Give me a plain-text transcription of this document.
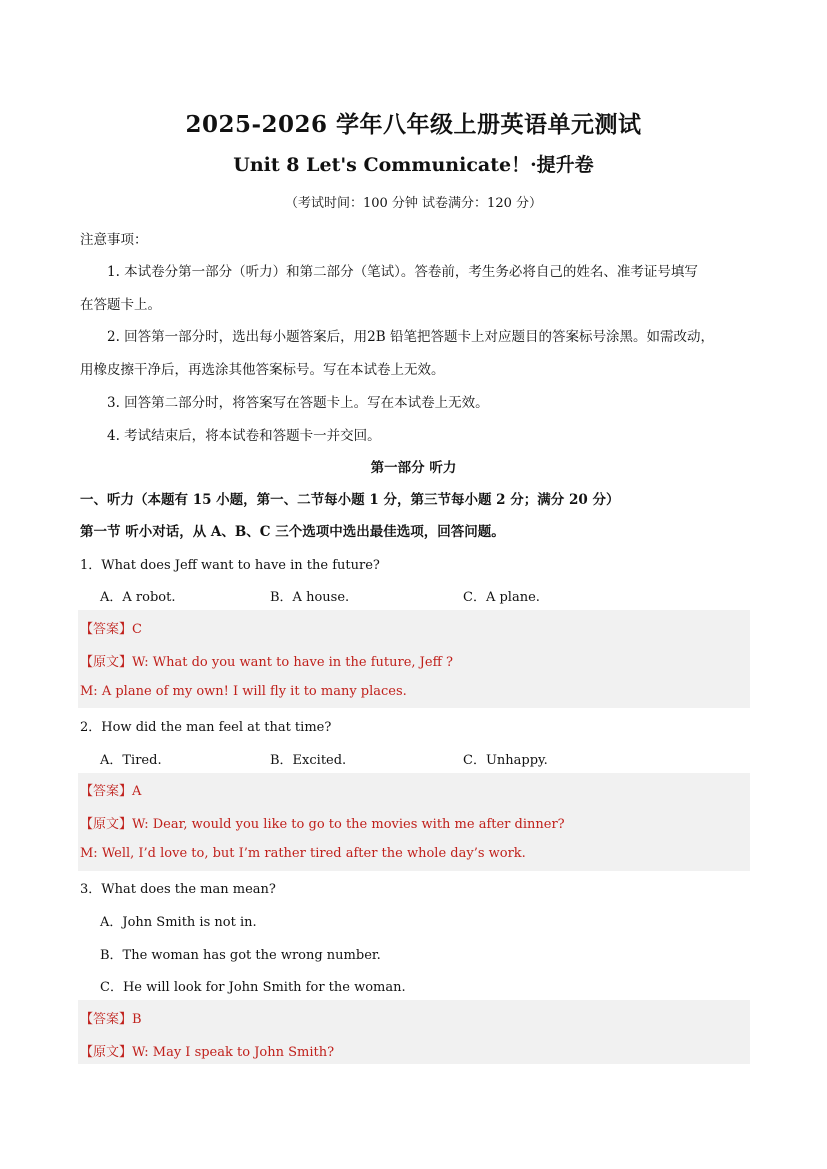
2025-2026 学年八年级上册英语单元测试
Unit 8 Let's Communicate！·提升卷
（考试时间：100 分钟 试卷满分：120 分）
注意事项：
1. 本试卷分第一部分（听力）和第二部分（笔试）。答卷前，考生务必将自己的姓名、准考证号填写
在答题卡上。
2. 回答第一部分时，选出每小题答案后，用2B 铅笔把答题卡上对应题目的答案标号涂黑。如需改动，
用橡皮擦干净后，再选涂其他答案标号。写在本试卷上无效。
3. 回答第二部分时，将答案写在答题卡上。写在本试卷上无效。
4. 考试结束后，将本试卷和答题卡一并交回。
第一部分 听力
一、听力（本题有 15 小题，第一、二节每小题 1 分，第三节每小题 2 分；满分 20 分）
第一节 听小对话，从 A、B、C 三个选项中选出最佳选项，回答问题。
1．What does Jeff want to have in the future?
A．A robot.	B．A house.	C．A plane.
【答案】C
【原文】W: What do you want to have in the future, Jeff ?
M: A plane of my own! I will fly it to many places.
2．How did the man feel at that time?
A．Tired.	B．Excited.	C．Unhappy.
【答案】A
【原文】W: Dear, would you like to go to the movies with me after dinner?
M: Well, I’d love to, but I’m rather tired after the whole day’s work.
3．What does the man mean?
A．John Smith is not in.
B．The woman has got the wrong number.
C．He will look for John Smith for the woman.
【答案】B
【原文】W: May I speak to John Smith?
